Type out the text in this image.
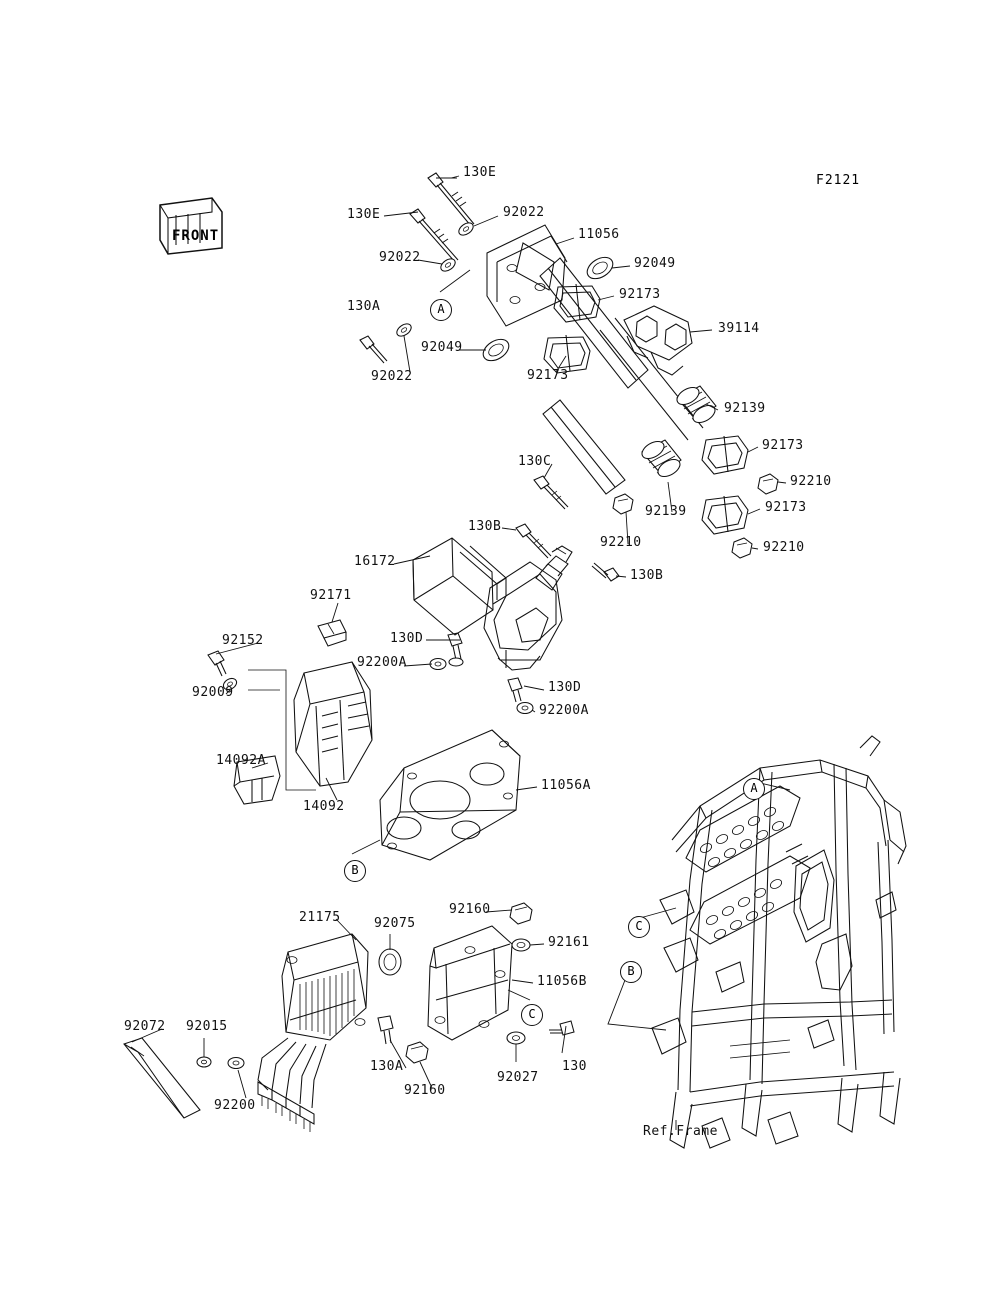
FRONT
F2121
Ref.Frame
130E
130E	92022
11056
92022	92049
92173
130A
39114
92049
92022	92173
92139
92173
130C
92210
92139	92173
92210
130B
92210
16172
130B
92171
92152	130D
92200A
92009	130D
92200A
14092A
11056A
14092
21175	92075
92160
92161
11056B
92072 92015
130A
92160
92027
130
92200
A
B
C
A
C
B
